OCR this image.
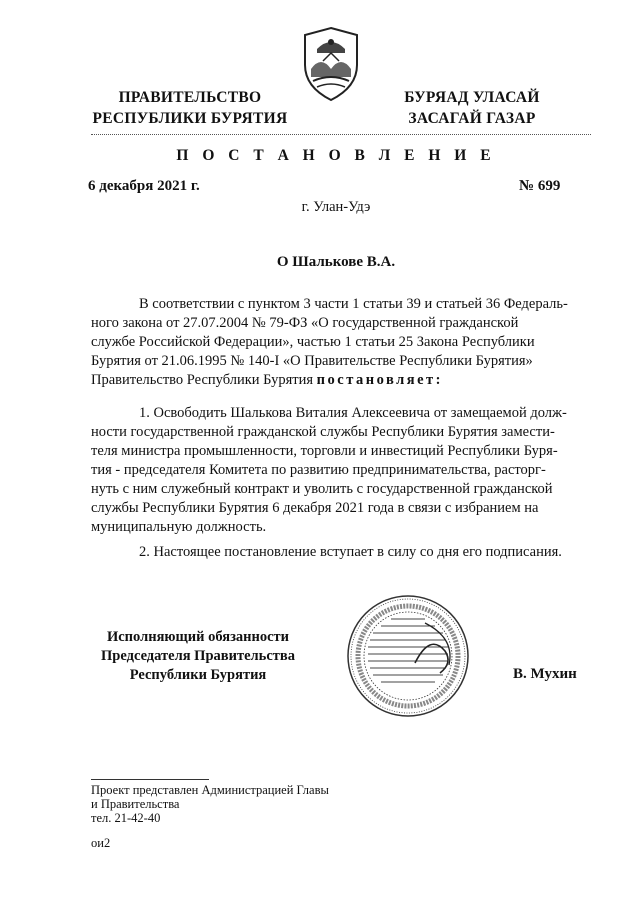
ПРАВИТЕЛЬСТВО
РЕСПУБЛИКИ БУРЯТИЯ
БУРЯАД УЛАСАЙ
ЗАСАГАЙ ГАЗАР
П О С Т А Н О В Л Е Н И Е
6 декабря 2021 г.	№ 699
г. Улан-Удэ
О Шалькове В.А.
В соответствии с пунктом 3 части 1 статьи 39 и статьей 36 Федераль-
ного закона от 27.07.2004 № 79-ФЗ «О государственной гражданской
службе Российской Федерации», частью 1 статьи 25 Закона Республики
Бурятия от 21.06.1995 № 140-I «О Правительстве Республики Бурятия»
Правительство Республики Бурятия постановляет:
1. Освободить Шалькова Виталия Алексеевича от замещаемой долж-
ности государственной гражданской службы Республики Бурятия замести-
теля министра промышленности, торговли и инвестиций Республики Буря-
тия - председателя Комитета по развитию предпринимательства, расторг-
нуть с ним служебный контракт и уволить с государственной гражданской
службы Республики Бурятия 6 декабря 2021 года в связи с избранием на
муниципальную должность.
2. Настоящее постановление вступает в силу со дня его подписания.
Исполняющий обязанности
Председателя Правительства
Республики Бурятия	В. Мухин
Проект представлен Администрацией Главы
и Правительства
тел. 21-42-40
ои2
